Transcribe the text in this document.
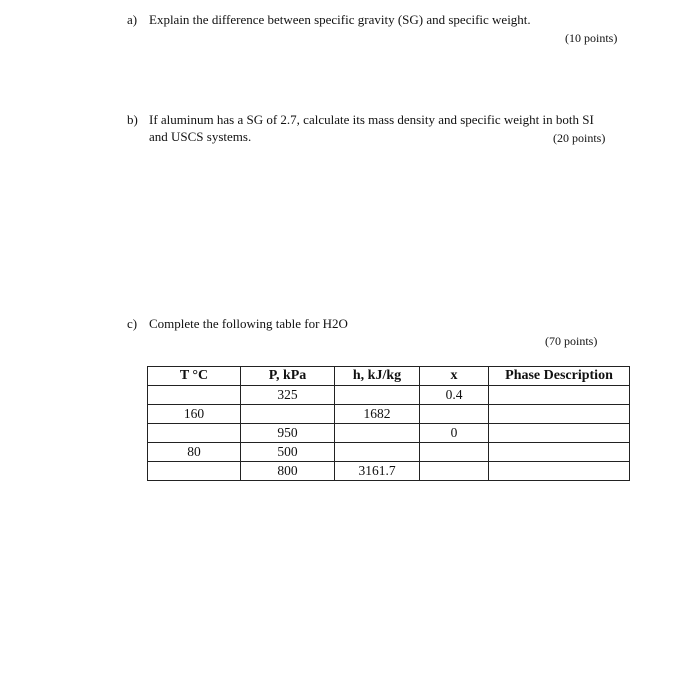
a) Explain the difference between specific gravity (SG) and specific weight.
(10 points)
b) If aluminum has a SG of 2.7, calculate its mass density and specific weight in both SI
and USCS systems.	(20 points)
c) Complete the following table for H2O
(70 points)
T °C	P, kPa	h, kJ/kg	x	Phase Description
	325		0.4	
160		1682		
	950		0	
80	500			
	800	3161.7		
